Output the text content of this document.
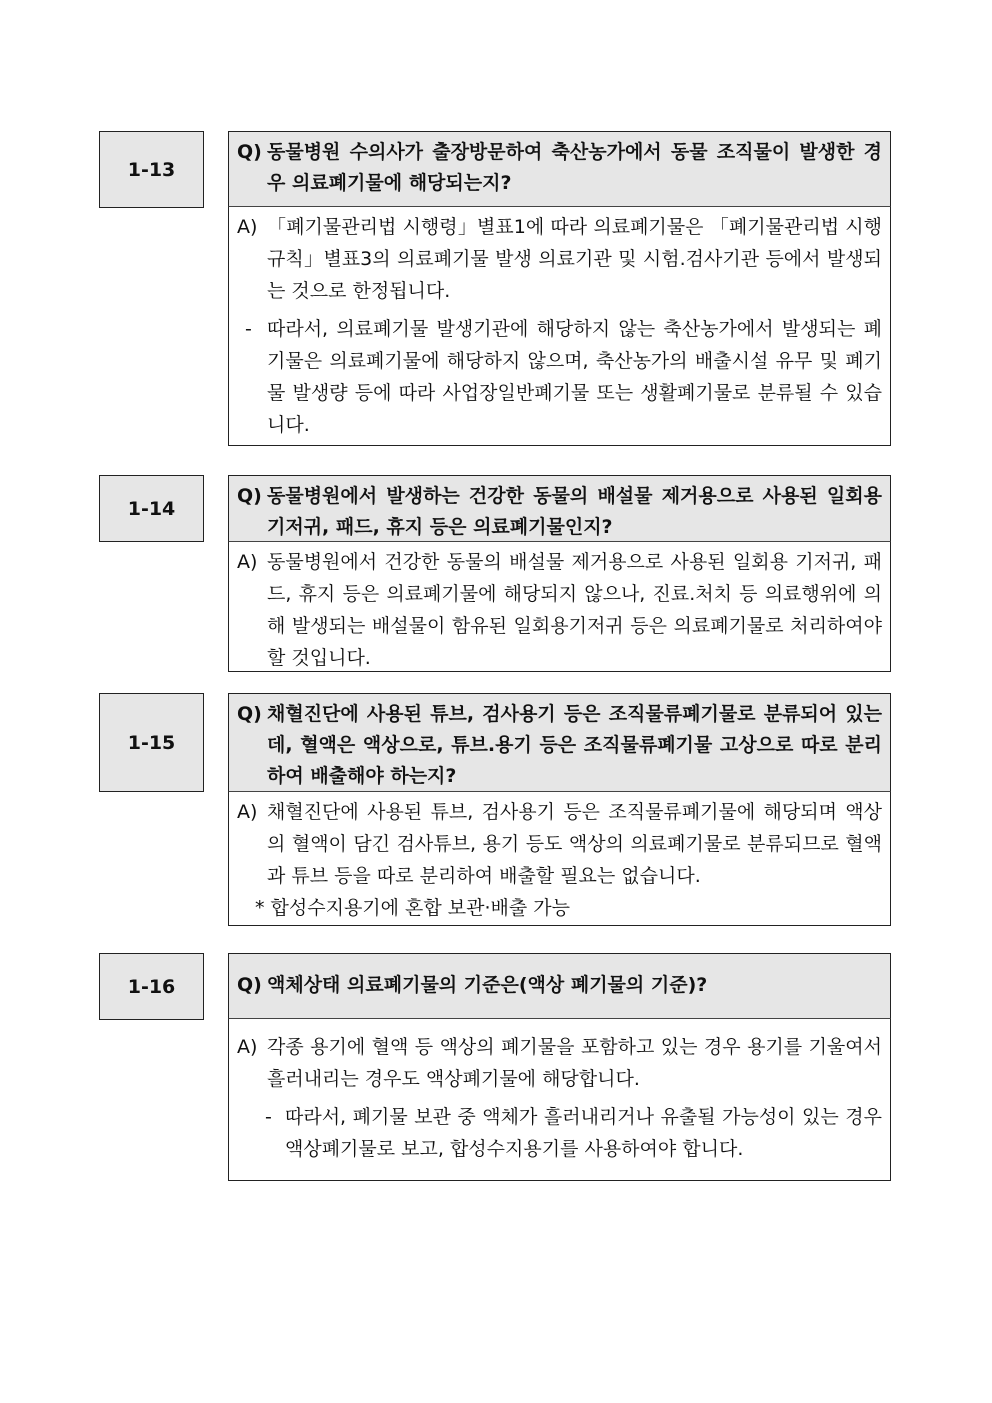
1-13
Q) 동물병원 수의사가 출장방문하여 축산농가에서 동물 조직물이 발생한 경우 의료폐기물에 해당되는지?
A) 「폐기물관리법 시행령」별표1에 따라 의료폐기물은 「폐기물관리법 시행규칙」별표3의 의료폐기물 발생 의료기관 및 시험.검사기관 등에서 발생되는 것으로 한정됩니다.
- 따라서, 의료폐기물 발생기관에 해당하지 않는 축산농가에서 발생되는 폐기물은 의료폐기물에 해당하지 않으며, 축산농가의 배출시설 유무 및 폐기물 발생량 등에 따라 사업장일반폐기물 또는 생활폐기물로 분류될 수 있습니다.
1-14
Q) 동물병원에서 발생하는 건강한 동물의 배설물 제거용으로 사용된 일회용 기저귀, 패드, 휴지 등은 의료폐기물인지?
A) 동물병원에서 건강한 동물의 배설물 제거용으로 사용된 일회용 기저귀, 패드, 휴지 등은 의료폐기물에 해당되지 않으나, 진료.처치 등 의료행위에 의해 발생되는 배설물이 함유된 일회용기저귀 등은 의료폐기물로 처리하여야 할 것입니다.
1-15
Q) 채혈진단에 사용된 튜브, 검사용기 등은 조직물류폐기물로 분류되어 있는데, 혈액은 액상으로, 튜브.용기 등은 조직물류폐기물 고상으로 따로 분리하여 배출해야 하는지?
A) 채혈진단에 사용된 튜브, 검사용기 등은 조직물류폐기물에 해당되며 액상의 혈액이 담긴 검사튜브, 용기 등도 액상의 의료폐기물로 분류되므로 혈액과 튜브 등을 따로 분리하여 배출할 필요는 없습니다.
* 합성수지용기에 혼합 보관·배출 가능
1-16	Q) 액체상태 의료폐기물의 기준은(액상 폐기물의 기준)?
A) 각종 용기에 혈액 등 액상의 폐기물을 포함하고 있는 경우 용기를 기울여서 흘러내리는 경우도 액상폐기물에 해당합니다.
- 따라서, 폐기물 보관 중 액체가 흘러내리거나 유출될 가능성이 있는 경우 액상폐기물로 보고, 합성수지용기를 사용하여야 합니다.
